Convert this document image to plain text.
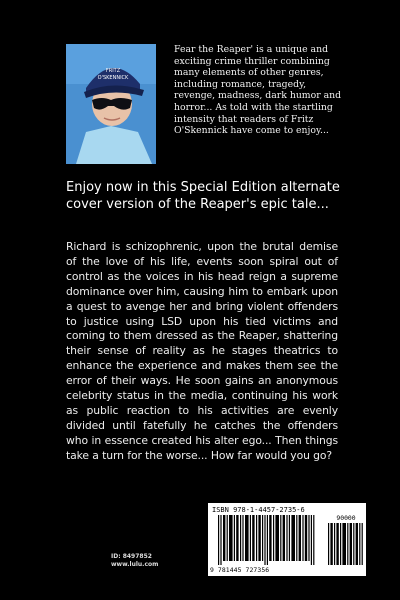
FRITZ
O'SKENNICK
Fear the Reaper' is a unique and exciting crime thriller combining many elements of other genres, including romance, tragedy, revenge, madness, dark humor and horror... As told with the startling intensity that readers of Fritz O'Skennick have come to enjoy...
Enjoy now in this Special Edition alternate cover version of the Reaper's epic tale...
Richard is schizophrenic, upon the brutal demise of the love of his life, events soon spiral out of control as the voices in his head reign a supreme dominance over him, causing him to embark upon a quest to avenge her and bring violent offenders to justice using LSD upon his tied victims and coming to them dressed as the Reaper, shattering their sense of reality as he stages theatrics to enhance the experience and makes them see the error of their ways. He soon gains an anonymous celebrity status in the media, continuing his work as public reaction to his activities are evenly divided until fatefully he catches the offenders who in essence created his alter ego... Then things take a turn for the worse... How far would you go?
ID: 8497852
www.lulu.com
ISBN 978-1-4457-2735-6
90000
9 781445 727356
